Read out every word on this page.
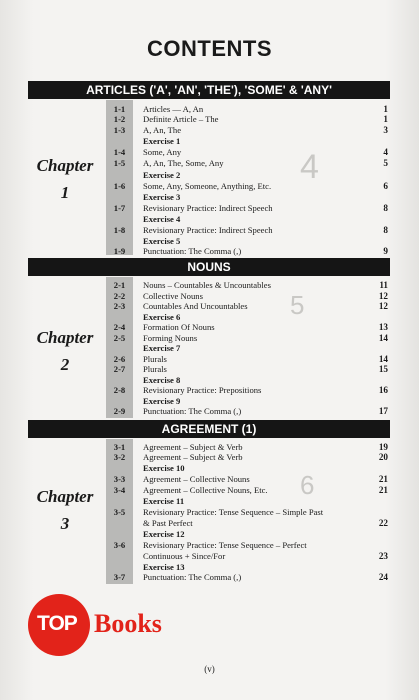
4
5
6
CONTENTS
ARTICLES ('A', 'AN', 'THE'), 'SOME' & 'ANY'
NOUNS
AGREEMENT (1)
Chapter
1
Chapter
2
Chapter
3
1-1	Articles — A, An	1
1-2	Definite Article – The	1
1-3	A, An, The	3
Exercise 1
1-4	Some, Any	4
1-5	A, An, The, Some, Any	5
Exercise 2
1-6	Some, Any, Someone, Anything, Etc.	6
Exercise 3
1-7	Revisionary Practice: Indirect Speech	8
Exercise 4
1-8	Revisionary Practice: Indirect Speech	8
Exercise 5
1-9	Punctuation: The Comma (,)	9
2-1	Nouns – Countables & Uncountables	11
2-2	Collective Nouns	12
2-3	Countables And Uncountables	12
Exercise 6
2-4	Formation Of Nouns	13
2-5	Forming Nouns	14
Exercise 7
2-6	Plurals	14
2-7	Plurals	15
Exercise 8
2-8	Revisionary Practice: Prepositions	16
Exercise 9
2-9	Punctuation: The Comma (,)	17
3-1	Agreement – Subject & Verb	19
3-2	Agreement – Subject & Verb	20
Exercise 10
3-3	Agreement – Collective Nouns	21
3-4	Agreement – Collective Nouns, Etc.	21
Exercise 11
3-5	Revisionary Practice: Tense Sequence – Simple Past
& Past Perfect	22
Exercise 12
3-6	Revisionary Practice: Tense Sequence – Perfect
Continuous + Since/For	23
Exercise 13
3-7	Punctuation: The Comma (,)	24
TOP Books
(v)
